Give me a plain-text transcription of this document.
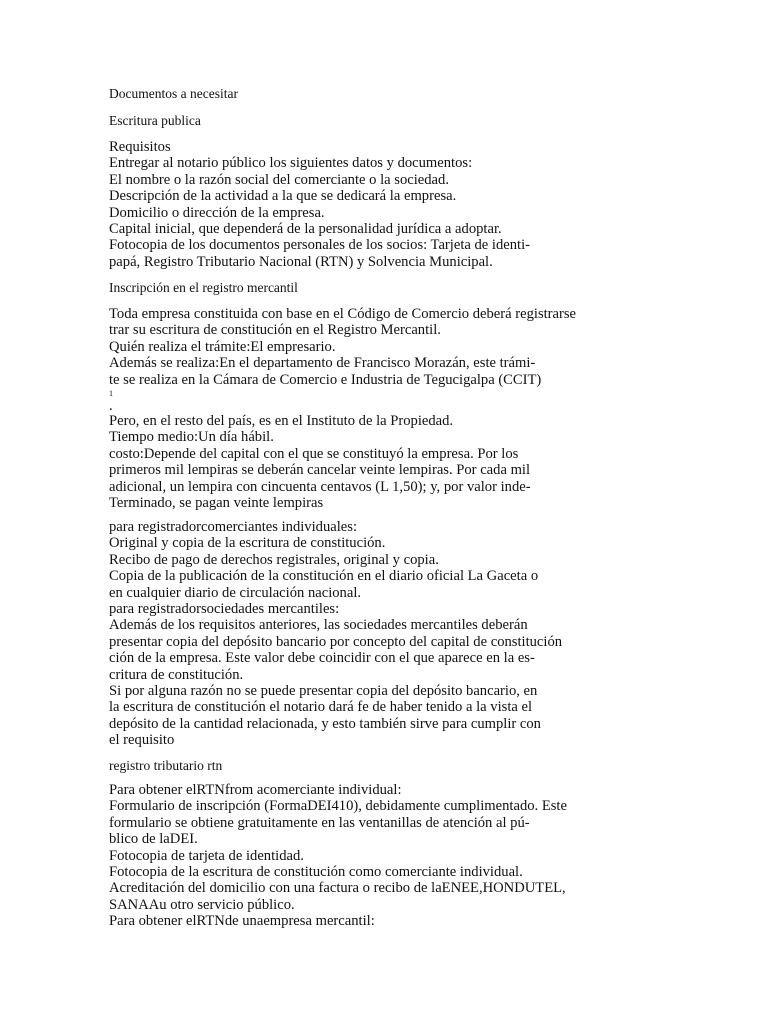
Documentos a necesitar
Escritura publica
Requisitos
Entregar al notario público los siguientes datos y documentos:
El nombre o la razón social del comerciante o la sociedad.
Descripción de la actividad a la que se dedicará la empresa.
Domicilio o dirección de la empresa.
Capital inicial, que dependerá de la personalidad jurídica a adoptar.
Fotocopia de los documentos personales de los socios: Tarjeta de identi-
papá, Registro Tributario Nacional (RTN) y Solvencia Municipal.
Inscripción en el registro mercantil
Toda empresa constituida con base en el Código de Comercio deberá registrarse
trar su escritura de constitución en el Registro Mercantil.
Quién realiza el trámite:El empresario.
Además se realiza:En el departamento de Francisco Morazán, este trámi-
te se realiza en la Cámara de Comercio e Industria de Tegucigalpa (CCIT)
1
.
Pero, en el resto del país, es en el Instituto de la Propiedad.
Tiempo medio:Un día hábil.
costo:Depende del capital con el que se constituyó la empresa. Por los
primeros mil lempiras se deberán cancelar veinte lempiras. Por cada mil
adicional, un lempira con cincuenta centavos (L 1,50); y, por valor inde-
Terminado, se pagan veinte lempiras
para registradorcomerciantes individuales:
Original y copia de la escritura de constitución.
Recibo de pago de derechos registrales, original y copia.
Copia de la publicación de la constitución en el diario oficial La Gaceta o
en cualquier diario de circulación nacional.
para registradorsociedades mercantiles:
Además de los requisitos anteriores, las sociedades mercantiles deberán
presentar copia del depósito bancario por concepto del capital de constitución
ción de la empresa. Este valor debe coincidir con el que aparece en la es-
critura de constitución.
Si por alguna razón no se puede presentar copia del depósito bancario, en
la escritura de constitución el notario dará fe de haber tenido a la vista el
depósito de la cantidad relacionada, y esto también sirve para cumplir con
el requisito
registro tributario rtn
Para obtener elRTNfrom acomerciante individual:
Formulario de inscripción (FormaDEI410), debidamente cumplimentado. Este
formulario se obtiene gratuitamente en las ventanillas de atención al pú-
blico de laDEI.
Fotocopia de tarjeta de identidad.
Fotocopia de la escritura de constitución como comerciante individual.
Acreditación del domicilio con una factura o recibo de laENEE,HONDUTEL,
SANAAu otro servicio público.
Para obtener elRTNde unaempresa mercantil:
